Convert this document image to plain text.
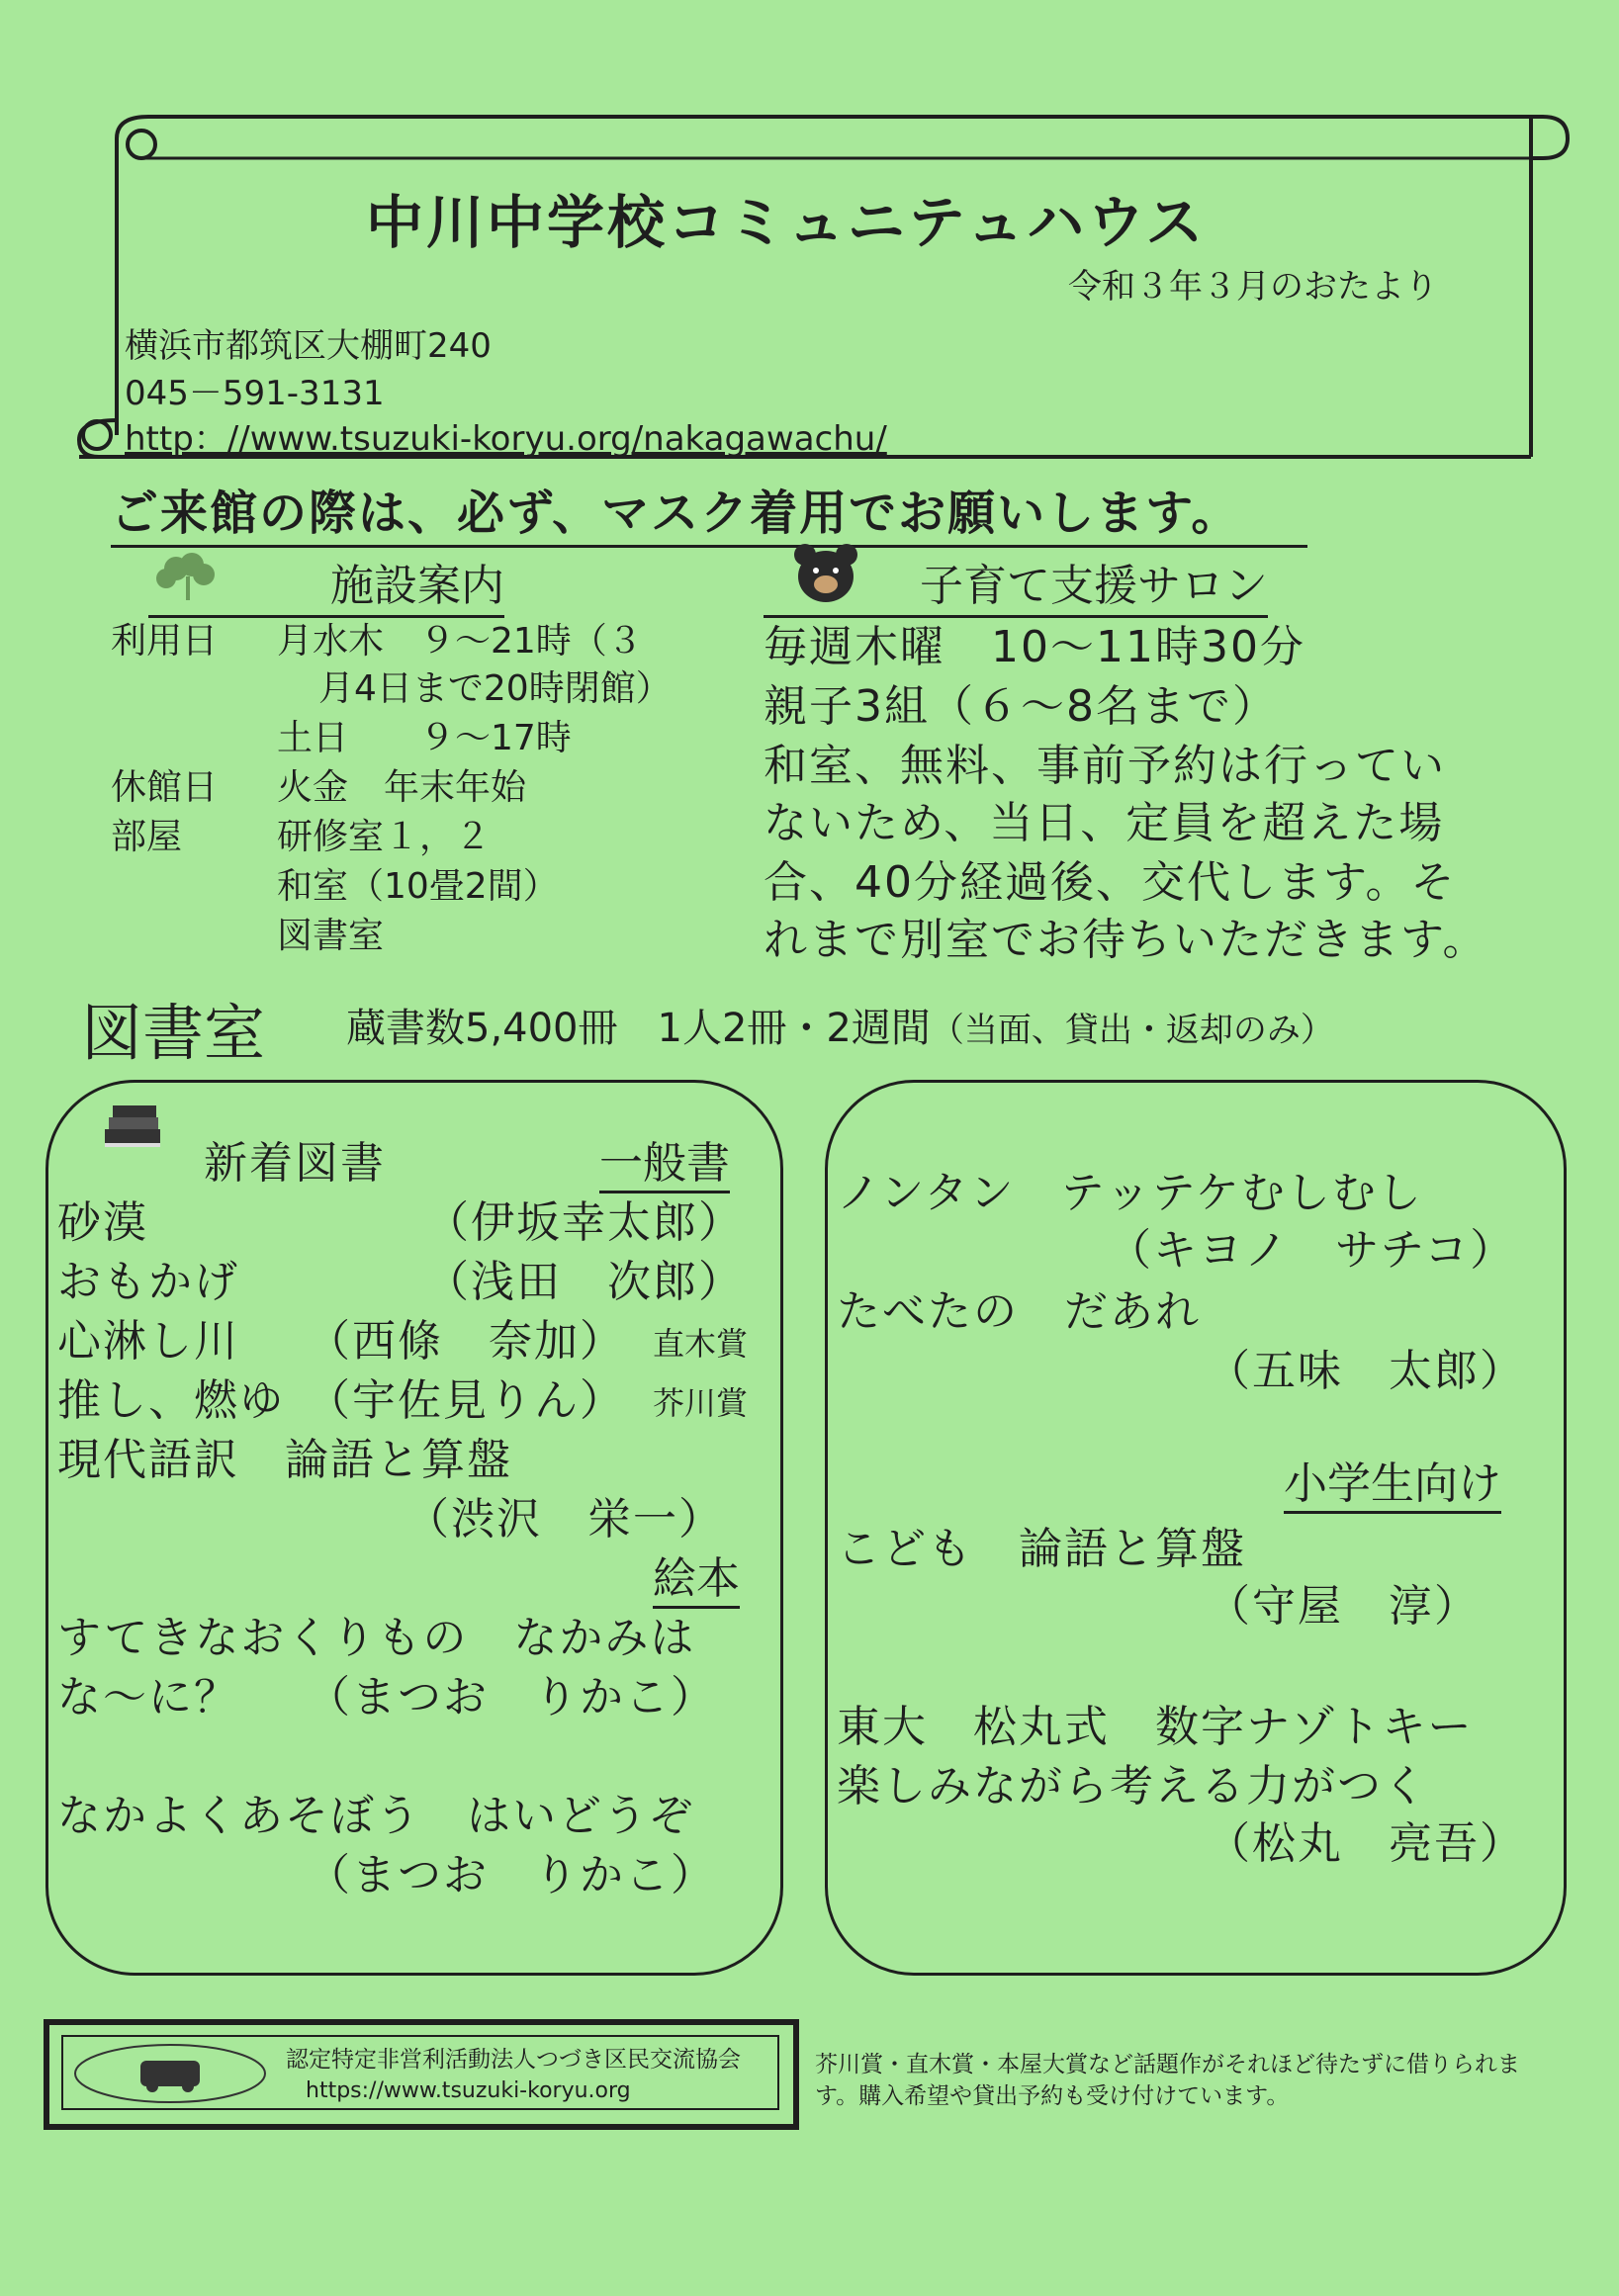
中川中学校コミュニテュハウス
令和３年３月のおたより
横浜市都筑区大棚町240
045－591-3131
http：//www.tsuzuki-koryu.org/nakagawachu/
ご来館の際は、必ず、マスク着用でお願いします。
施設案内
利用日 月水木　９～21時（３
月4日まで20時閉館）
土日　　９～17時
休館日 火金　年末年始
部屋	研修室１，２
和室（10畳2間）
図書室
子育て支援サロン
毎週木曜　10～11時30分
親子3組（６～8名まで）
和室、無料、事前予約は行ってい
ないため、当日、定員を超えた場
合、40分経過後、交代します。そ
れまで別室でお待ちいただきます。
図書室 蔵書数5,400冊　1人2冊・2週間（当面、貸出・返却のみ）
新着図書	一般書
砂漠	（伊坂幸太郎）
おもかげ	（浅田　次郎）
心淋し川 （西條　奈加） 直木賞
推し、燃ゆ （宇佐見りん） 芥川賞
現代語訳　論語と算盤
（渋沢　栄一）
絵本
すてきなおくりもの　なかみは
な～に？ （まつお　りかこ）
なかよくあそぼう　はいどうぞ
（まつお　りかこ）
ノンタン　テッテケむしむし
（キヨノ　サチコ）
たべたの　だあれ
（五味　太郎）
小学生向け
こども　論語と算盤
（守屋　淳）
東大　松丸式　数字ナゾトキー
楽しみながら考える力がつく
（松丸　亮吾）
認定特定非営利活動法人つづき区民交流協会
https://www.tsuzuki-koryu.org
芥川賞・直木賞・本屋大賞など話題作がそれほど待たずに借りられます。購入希望や貸出予約も受け付けています。
